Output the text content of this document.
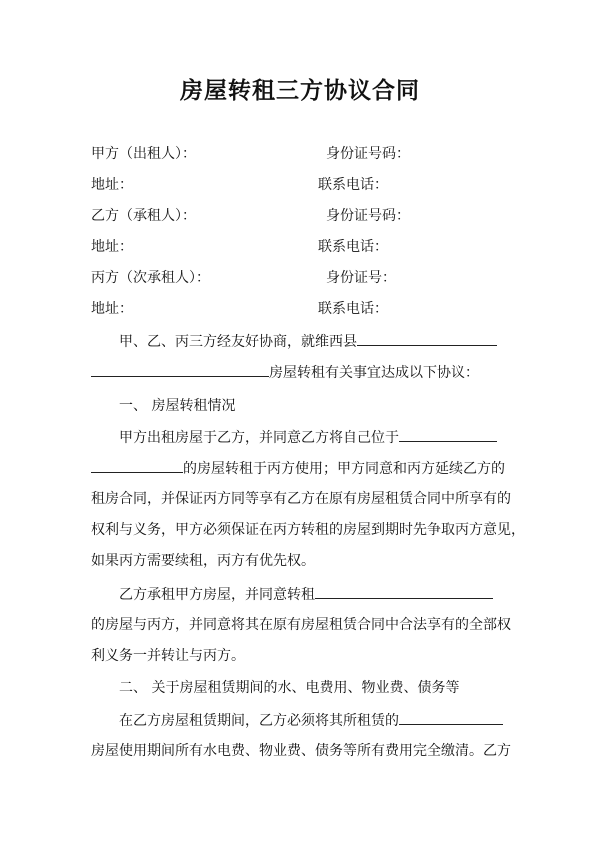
房屋转租三方协议合同
甲方（出租人）：	身份证号码：
地址：	联系电话：
乙方（承租人）：	身份证号码：
地址：	联系电话：
丙方（次承租人）：	身份证号：
地址：	联系电话：
甲、乙、丙三方经友好协商，就维西县
房屋转租有关事宜达成以下协议：
一、 房屋转租情况
甲方出租房屋于乙方，并同意乙方将自己位于
的房屋转租于丙方使用；甲方同意和丙方延续乙方的
租房合同，并保证丙方同等享有乙方在原有房屋租赁合同中所享有的
权利与义务，甲方必须保证在丙方转租的房屋到期时先争取丙方意见，
如果丙方需要续租，丙方有优先权。
乙方承租甲方房屋，并同意转租
的房屋与丙方，并同意将其在原有房屋租赁合同中合法享有的全部权
利义务一并转让与丙方。
二、 关于房屋租赁期间的水、电费用、物业费、债务等
在乙方房屋租赁期间，乙方必须将其所租赁的
房屋使用期间所有水电费、物业费、债务等所有费用完全缴清。乙方
